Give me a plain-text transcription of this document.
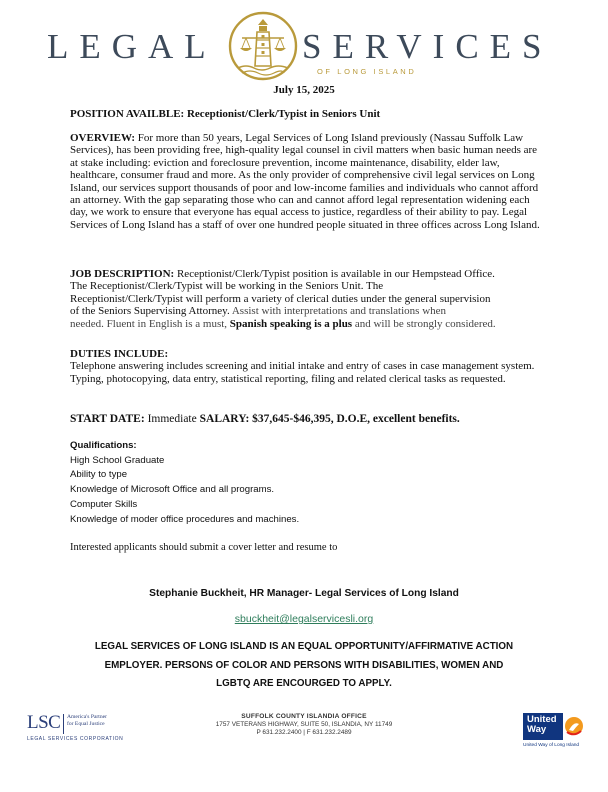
LEGAL SERVICES
OF LONG ISLAND
July 15, 2025
POSITION AVAILBLE: Receptionist/Clerk/Typist in Seniors Unit
OVERVIEW: For more than 50 years, Legal Services of Long Island previously (Nassau Suffolk Law Services), has been providing free, high-quality legal counsel in civil matters when basic human needs are at stake including: eviction and foreclosure prevention, income maintenance, disability, elder law, healthcare, consumer fraud and more. As the only provider of comprehensive civil legal services on Long Island, our services support thousands of poor and low-income families and individuals who cannot afford an attorney. With the gap separating those who can and cannot afford legal representation widening each day, we work to ensure that everyone has equal access to justice, regardless of their ability to pay. Legal Services of Long Island has a staff of over one hundred people situated in three offices across Long Island.
JOB DESCRIPTION: Receptionist/Clerk/Typist position is available in our Hempstead Office.
The Receptionist/Clerk/Typist will be working in the Seniors Unit. The
Receptionist/Clerk/Typist will perform a variety of clerical duties under the general supervision
of the Seniors Supervising Attorney. Assist with interpretations and translations when
needed. Fluent in English is a must, Spanish speaking is a plus and will be strongly considered.
DUTIES INCLUDE:
Telephone answering includes screening and initial intake and entry of cases in case management system. Typing, photocopying, data entry, statistical reporting, filing and related clerical tasks as requested.
START DATE: Immediate SALARY: $37,645-$46,395, D.O.E, excellent benefits.
Qualifications:
High School Graduate
Ability to type
Knowledge of Microsoft Office and all programs.
Computer Skills
Knowledge of moder office procedures and machines.
Interested applicants should submit a cover letter and resume to
Stephanie Buckheit, HR Manager- Legal Services of Long Island
sbuckheit@legalservicesli.org
LEGAL SERVICES OF LONG ISLAND IS AN EQUAL OPPORTUNITY/AFFIRMATIVE ACTION
EMPLOYER. PERSONS OF COLOR AND PERSONS WITH DISABILITIES, WOMEN AND
LGBTQ ARE ENCOURGED TO APPLY.
LSC America's Partner
for Equal Justice
LEGAL SERVICES CORPORATION
SUFFOLK COUNTY ISLANDIA OFFICE
1757 VETERANS HIGHWAY, SUITE 50, ISLANDIA, NY 11749
P 631.232.2400 | F 631.232.2489
United
Way
United Way of Long Island
